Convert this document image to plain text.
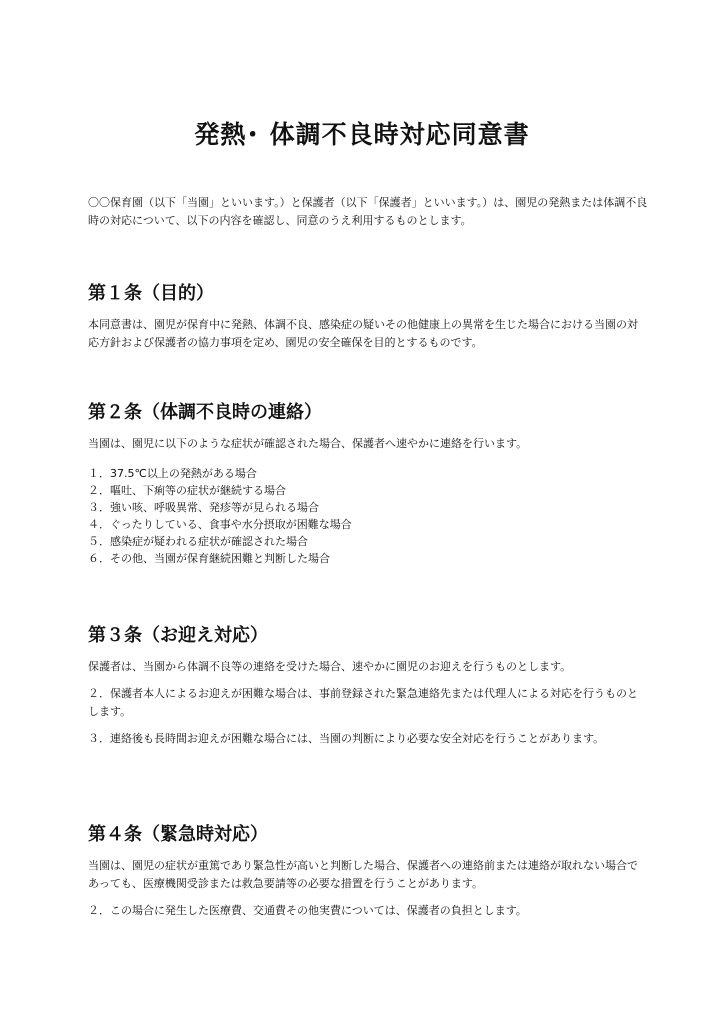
発熱･ 体調不良時対応同意書

〇〇保育園（以下「当園」といいます。）と保護者（以下「保護者」といいます。）は、園児の発熱または体調不良時の対応について、以下の内容を確認し、同意のうえ利用するものとします。

第１条（目的）

本同意書は、園児が保育中に発熱、体調不良、感染症の疑いその他健康上の異常を生じた場合における当園の対応方針および保護者の協力事項を定め、園児の安全確保を目的とするものです。

第２条（体調不良時の連絡）

当園は、園児に以下のような症状が確認された場合、保護者へ速やかに連絡を行います。

１．37.5℃以上の発熱がある場合
２．嘔吐、下痢等の症状が継続する場合
３．強い咳、呼吸異常、発疹等が見られる場合
４．ぐったりしている、食事や水分摂取が困難な場合
５．感染症が疑われる症状が確認された場合
６．その他、当園が保育継続困難と判断した場合
第３条（お迎え対応）

保護者は、当園から体調不良等の連絡を受けた場合、速やかに園児のお迎えを行うものとします。

２．保護者本人によるお迎えが困難な場合は、事前登録された緊急連絡先または代理人による対応を行うものとします。

３．連絡後も長時間お迎えが困難な場合には、当園の判断により必要な安全対応を行うことがあります。

第４条（緊急時対応）

当園は、園児の症状が重篤であり緊急性が高いと判断した場合、保護者への連絡前または連絡が取れない場合であっても、医療機関受診または救急要請等の必要な措置を行うことがあります。

２．この場合に発生した医療費、交通費その他実費については、保護者の負担とします。
